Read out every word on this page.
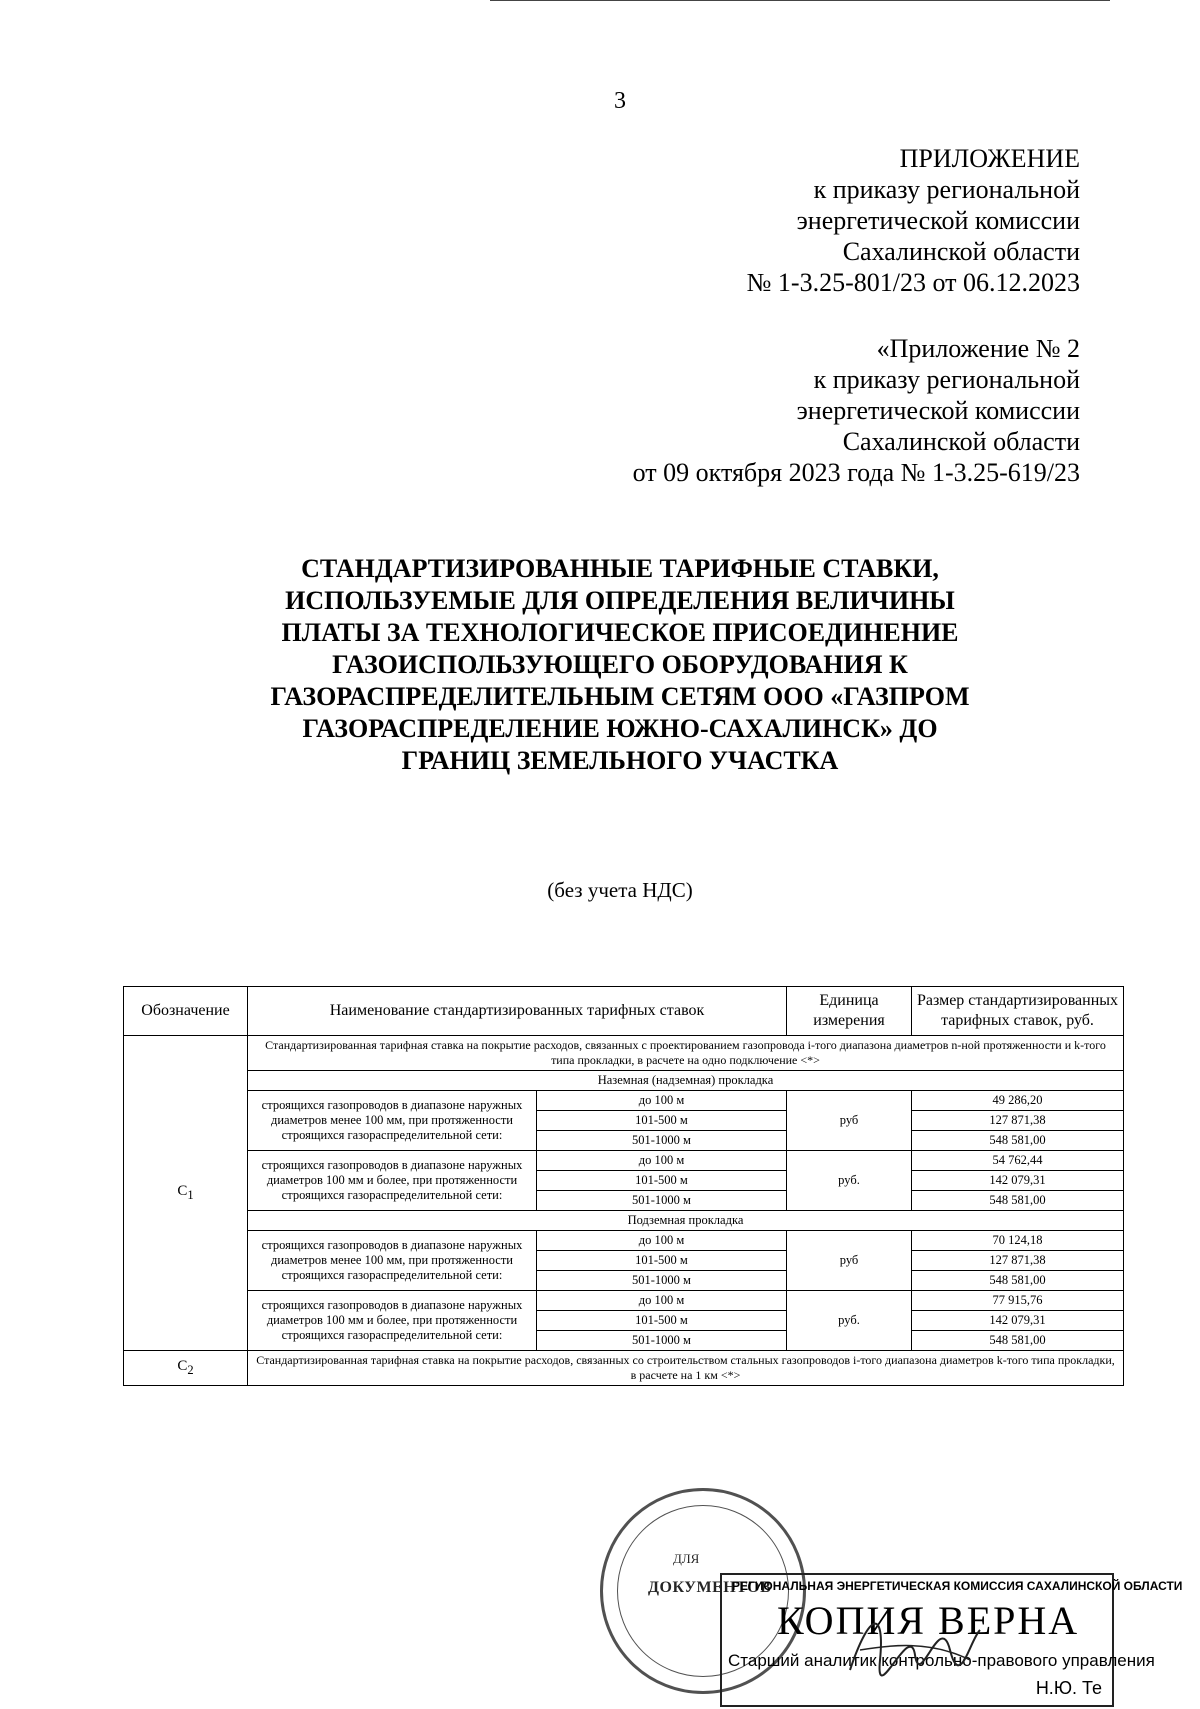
3
ПРИЛОЖЕНИЕ
к приказу региональной
энергетической комиссии
Сахалинской области
№ 1-3.25-801/23 от 06.12.2023
«Приложение № 2
к приказу региональной
энергетической комиссии
Сахалинской области
от 09 октября 2023 года № 1-3.25-619/23
СТАНДАРТИЗИРОВАННЫЕ ТАРИФНЫЕ СТАВКИ, ИСПОЛЬЗУЕМЫЕ ДЛЯ ОПРЕДЕЛЕНИЯ ВЕЛИЧИНЫ ПЛАТЫ ЗА ТЕХНОЛОГИЧЕСКОЕ ПРИСОЕДИНЕНИЕ ГАЗОИСПОЛЬЗУЮЩЕГО ОБОРУДОВАНИЯ К ГАЗОРАСПРЕДЕЛИТЕЛЬНЫМ СЕТЯМ ООО «ГАЗПРОМ ГАЗОРАСПРЕДЕЛЕНИЕ ЮЖНО-САХАЛИНСК» ДО ГРАНИЦ ЗЕМЕЛЬНОГО УЧАСТКА
(без учета НДС)
Обозначение	Наименование стандартизированных тарифных ставок		Единица измерения	Размер стандартизированных тарифных ставок, руб.
$C_1$	Стандартизированная тарифная ставка на покрытие расходов, связанных с проектированием газопровода i-того диапазона диаметров n-ной протяженности и k-того типа прокладки, в расчете на одно подключение <*>			
	Наземная (надземная) прокладка			
	строящихся газопроводов в диапазоне наружных диаметров менее 100 мм, при протяженности строящихся газораспределительной сети:	до 100 м	руб	49 286,20
		101-500 м		127 871,38
		501-1000 м		548 581,00
	строящихся газопроводов в диапазоне наружных диаметров 100 мм и более, при протяженности строящихся газораспределительной сети:	до 100 м	руб.	54 762,44
		101-500 м		142 079,31
		501-1000 м		548 581,00
	Подземная прокладка			
	строящихся газопроводов в диапазоне наружных диаметров менее 100 мм, при протяженности строящихся газораспределительной сети:	до 100 м	руб	70 124,18
		101-500 м		127 871,38
		501-1000 м		548 581,00
	строящихся газопроводов в диапазоне наружных диаметров 100 мм и более, при протяженности строящихся газораспределительной сети:	до 100 м	руб.	77 915,76
		101-500 м		142 079,31
		501-1000 м		548 581,00
$C_2$	Стандартизированная тарифная ставка на покрытие расходов, связанных со строительством стальных газопроводов i-того диапазона диаметров k-того типа прокладки, в расчете на 1 км <*>			
ДЛЯ
ДОКУМЕНТОВ
РЕГИОНАЛЬНАЯ ЭНЕРГЕТИЧЕСКАЯ КОМИССИЯ САХАЛИНСКОЙ ОБЛАСТИ
КОПИЯ ВЕРНА
Старший аналитик контрольно-правового управления
Н.Ю. Те
